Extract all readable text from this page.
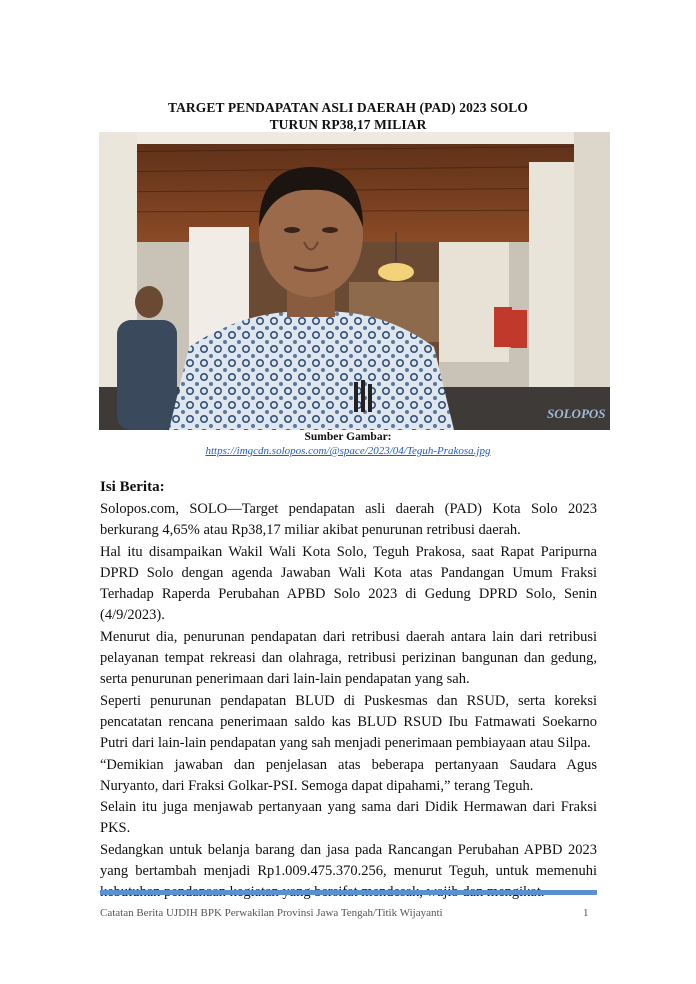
TARGET PENDAPATAN ASLI DAERAH (PAD) 2023 SOLO
TURUN RP38,17 MILIAR
SOLOPOS
Sumber Gambar:
https://imgcdn.solopos.com/@space/2023/04/Teguh-Prakosa.jpg
Isi Berita:

Solopos.com, SOLO—Target pendapatan asli daerah (PAD) Kota Solo 2023 berkurang 4,65% atau Rp38,17 miliar akibat penurunan retribusi daerah.

Hal itu disampaikan Wakil Wali Kota Solo, Teguh Prakosa, saat Rapat Paripurna DPRD Solo dengan agenda Jawaban Wali Kota atas Pandangan Umum Fraksi Terhadap Raperda Perubahan APBD Solo 2023 di Gedung DPRD Solo, Senin (4/9/2023).

Menurut dia, penurunan pendapatan dari retribusi daerah antara lain dari retribusi pelayanan tempat rekreasi dan olahraga, retribusi perizinan bangunan dan gedung, serta penurunan penerimaan dari lain-lain pendapatan yang sah.

Seperti penurunan pendapatan BLUD di Puskesmas dan RSUD, serta koreksi pencatatan rencana penerimaan saldo kas BLUD RSUD Ibu Fatmawati Soekarno Putri dari lain-lain pendapatan yang sah menjadi penerimaan pembiayaan atau Silpa.

“Demikian jawaban dan penjelasan atas beberapa pertanyaan Saudara Agus Nuryanto, dari Fraksi Golkar-PSI. Semoga dapat dipahami,” terang Teguh.

Selain itu juga menjawab pertanyaan yang sama dari Didik Hermawan dari Fraksi PKS.

Sedangkan untuk belanja barang dan jasa pada Rancangan Perubahan APBD 2023 yang bertambah menjadi Rp1.009.475.370.256, menurut Teguh, untuk memenuhi

Catatan Berita UJDIH BPK Perwakilan Provinsi Jawa Tengah/Titik Wijayanti	1
